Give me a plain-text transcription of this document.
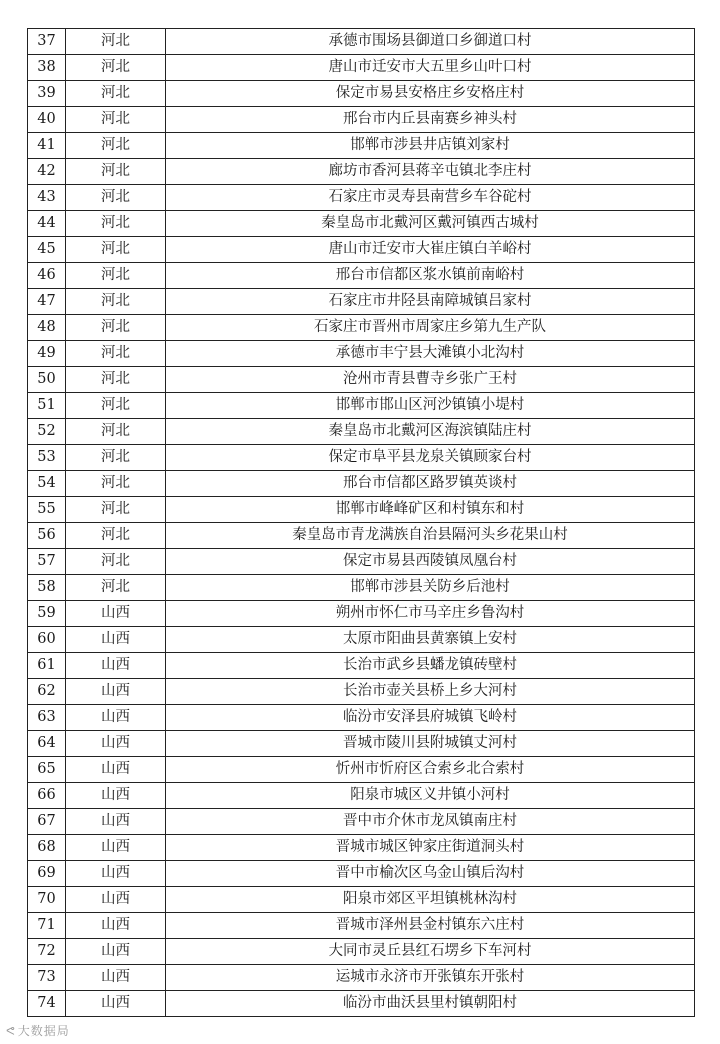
37	河北	承德市围场县御道口乡御道口村
38	河北	唐山市迁安市大五里乡山叶口村
39	河北	保定市易县安格庄乡安格庄村
40	河北	邢台市内丘县南赛乡神头村
41	河北	邯郸市涉县井店镇刘家村
42	河北	廊坊市香河县蒋辛屯镇北李庄村
43	河北	石家庄市灵寿县南营乡车谷砣村
44	河北	秦皇岛市北戴河区戴河镇西古城村
45	河北	唐山市迁安市大崔庄镇白羊峪村
46	河北	邢台市信都区浆水镇前南峪村
47	河北	石家庄市井陉县南障城镇吕家村
48	河北	石家庄市晋州市周家庄乡第九生产队
49	河北	承德市丰宁县大滩镇小北沟村
50	河北	沧州市青县曹寺乡张广王村
51	河北	邯郸市邯山区河沙镇镇小堤村
52	河北	秦皇岛市北戴河区海滨镇陆庄村
53	河北	保定市阜平县龙泉关镇顾家台村
54	河北	邢台市信都区路罗镇英谈村
55	河北	邯郸市峰峰矿区和村镇东和村
56	河北	秦皇岛市青龙满族自治县隔河头乡花果山村
57	河北	保定市易县西陵镇凤凰台村
58	河北	邯郸市涉县关防乡后池村
59	山西	朔州市怀仁市马辛庄乡鲁沟村
60	山西	太原市阳曲县黄寨镇上安村
61	山西	长治市武乡县蟠龙镇砖壁村
62	山西	长治市壶关县桥上乡大河村
63	山西	临汾市安泽县府城镇飞岭村
64	山西	晋城市陵川县附城镇丈河村
65	山西	忻州市忻府区合索乡北合索村
66	山西	阳泉市城区义井镇小河村
67	山西	晋中市介休市龙凤镇南庄村
68	山西	晋城市城区钟家庄街道洞头村
69	山西	晋中市榆次区乌金山镇后沟村
70	山西	阳泉市郊区平坦镇桃林沟村
71	山西	晋城市泽州县金村镇东六庄村
72	山西	大同市灵丘县红石塄乡下车河村
73	山西	运城市永济市开张镇东开张村
74	山西	临汾市曲沃县里村镇朝阳村
ᕙ 大数据局
